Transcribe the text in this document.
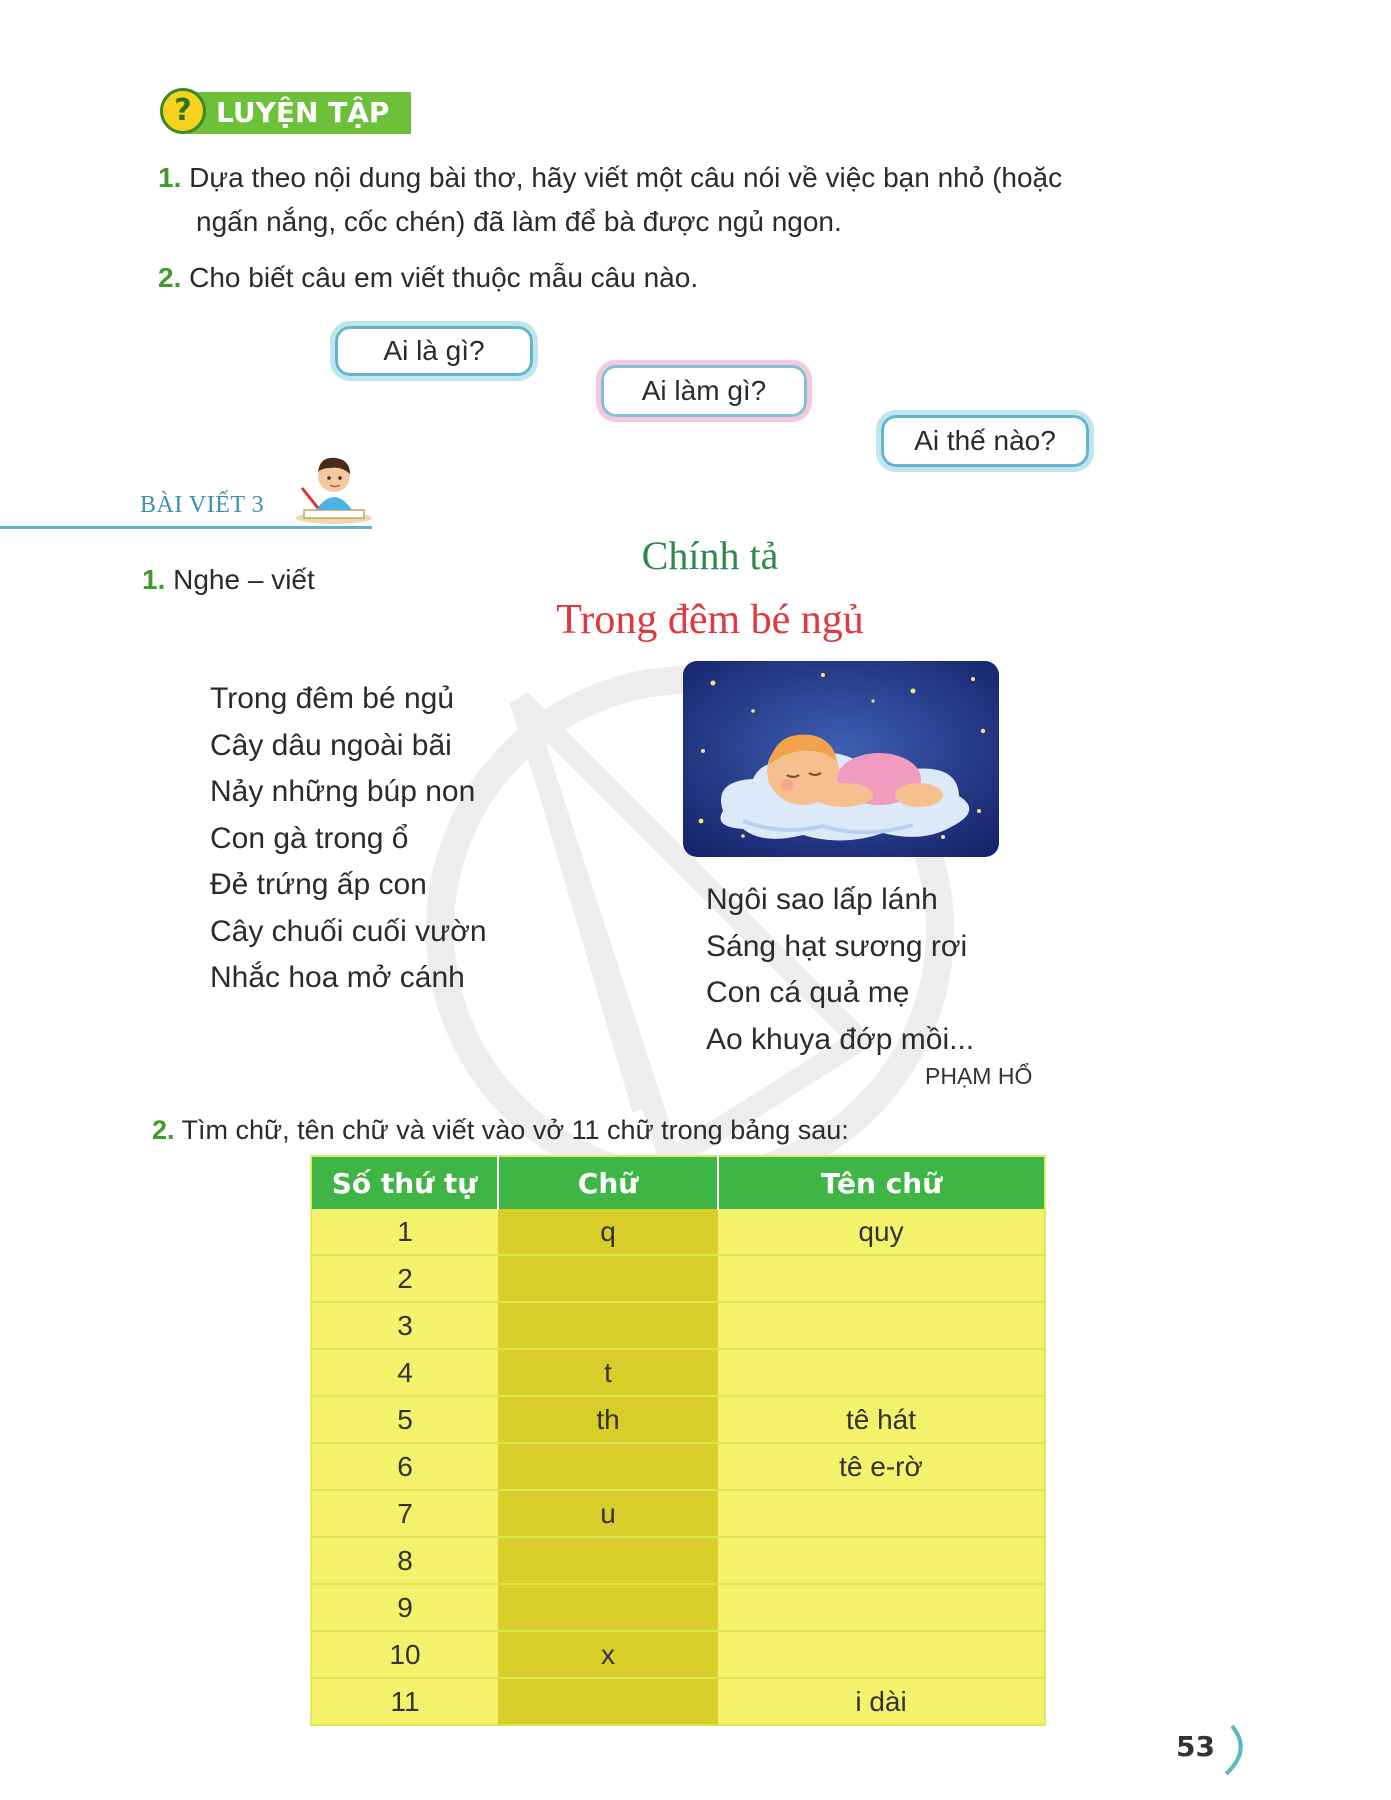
? LUYỆN TẬP
1. Dựa theo nội dung bài thơ, hãy viết một câu nói về việc bạn nhỏ (hoặc
ngấn nắng, cốc chén) đã làm để bà được ngủ ngon.
2. Cho biết câu em viết thuộc mẫu câu nào.
Ai là gì?
Ai làm gì?
Ai thế nào?
BÀI VIẾT 3
1. Nghe – viết
Chính tả
Trong đêm bé ngủ
Trong đêm bé ngủ
Cây dâu ngoài bãi
Nảy những búp non
Con gà trong ổ
Đẻ trứng ấp con
Cây chuối cuối vườn
Nhắc hoa mở cánh
Ngôi sao lấp lánh
Sáng hạt sương rơi
Con cá quả mẹ
Ao khuya đớp mồi...
PHẠM HỔ
2. Tìm chữ, tên chữ và viết vào vở 11 chữ trong bảng sau:
Số thứ tự	Chữ	Tên chữ
1	q	quy
2		
3		
4	t	
5	th	tê hát
6		tê e-rờ
7	u	
8		
9		
10	x	
11		i dài
53
